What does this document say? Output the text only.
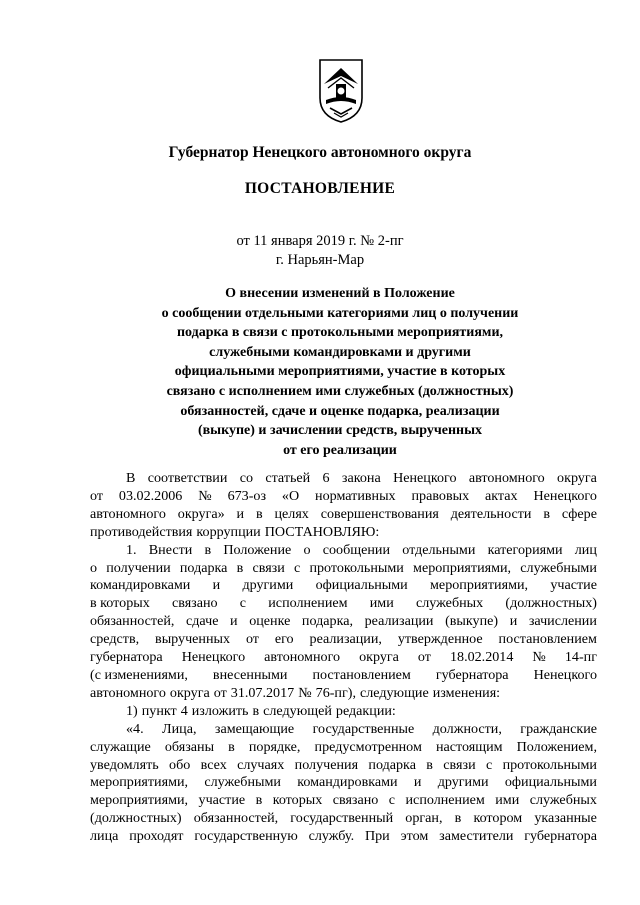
Губернатор Ненецкого автономного округа
ПОСТАНОВЛЕНИЕ
от 11 января 2019 г. № 2-пг
г. Нарьян-Мар
О внесении изменений в Положение
о сообщении отдельными категориями лиц о получении
подарка в связи с протокольными мероприятиями,
служебными командировками и другими
официальными мероприятиями, участие в которых
связано с исполнением ими служебных (должностных)
обязанностей, сдаче и оценке подарка, реализации
(выкупе) и зачислении средств, вырученных
от его реализации
В соответствии со статьей 6 закона Ненецкого автономного округа
от 03.02.2006 № 673-оз «О нормативных правовых актах Ненецкого
автономного округа» и в целях совершенствования деятельности в сфере
противодействия коррупции ПОСТАНОВЛЯЮ:
1. Внести в Положение о сообщении отдельными категориями лиц
о получении подарка в связи с протокольными мероприятиями, служебными
командировками и другими официальными мероприятиями, участие
в которых связано с исполнением ими служебных (должностных)
обязанностей, сдаче и оценке подарка, реализации (выкупе) и зачислении
средств, вырученных от его реализации, утвержденное постановлением
губернатора Ненецкого автономного округа от 18.02.2014 № 14-пг
(с изменениями, внесенными постановлением губернатора Ненецкого
автономного округа от 31.07.2017 № 76-пг), следующие изменения:
1) пункт 4 изложить в следующей редакции:
«4. Лица, замещающие государственные должности, гражданские
служащие обязаны в порядке, предусмотренном настоящим Положением,
уведомлять обо всех случаях получения подарка в связи с протокольными
мероприятиями, служебными командировками и другими официальными
мероприятиями, участие в которых связано с исполнением ими служебных
(должностных) обязанностей, государственный орган, в котором указанные
лица проходят государственную службу. При этом заместители губернатора
